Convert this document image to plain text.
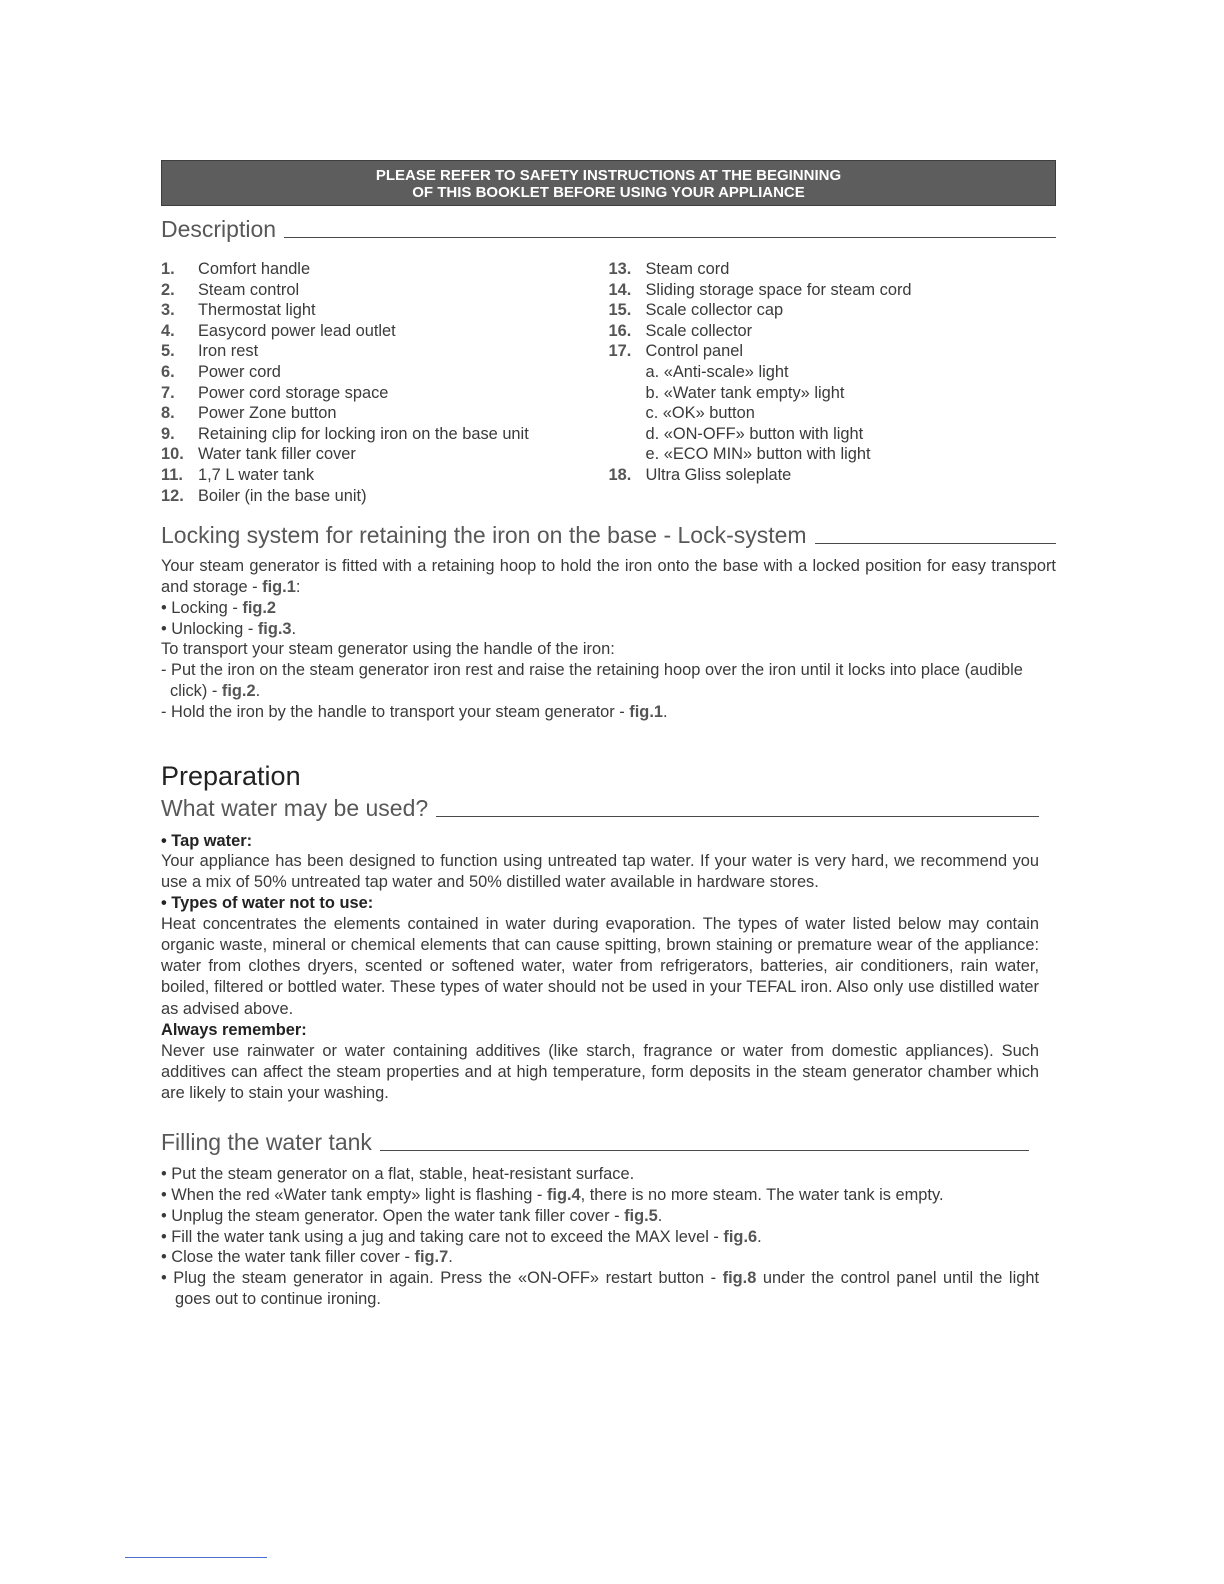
PLEASE REFER TO SAFETY INSTRUCTIONS AT THE BEGINNING
OF THIS BOOKLET BEFORE USING YOUR APPLIANCE
Description
1.	Comfort handle
2.	Steam control
3.	Thermostat light
4.	Easycord power lead outlet
5.	Iron rest
6.	Power cord
7.	Power cord storage space
8.	Power Zone button
9.	Retaining clip for locking iron on the base unit
10. Water tank filler cover
11. 1,7 L water tank
12. Boiler (in the base unit)
13. Steam cord
14. Sliding storage space for steam cord
15. Scale collector cap
16. Scale collector
17. Control panel
a. «Anti-scale» light
b. «Water tank empty» light
c. «OK» button
d. «ON-OFF» button with light
e. «ECO MIN» button with light
18. Ultra Gliss soleplate
Locking system for retaining the iron on the base - Lock-system
Your steam generator is fitted with a retaining hoop to hold the iron onto the base with a locked position for easy transport and storage - fig.1:
• Locking - fig.2
• Unlocking - fig.3.
To transport your steam generator using the handle of the iron:
- Put the iron on the steam generator iron rest and raise the retaining hoop over the iron until it locks into place (audible click) - fig.2.
- Hold the iron by the handle to transport your steam generator - fig.1.
Preparation
What water may be used?
• Tap water:
Your appliance has been designed to function using untreated tap water. If your water is very hard, we recommend you use a mix of 50% untreated tap water and 50% distilled water available in hardware stores.
• Types of water not to use:
Heat concentrates the elements contained in water during evaporation. The types of water listed below may contain organic waste, mineral or chemical elements that can cause spitting, brown staining or premature wear of the appliance: water from clothes dryers, scented or softened water, water from refrigerators, batteries, air conditioners, rain water, boiled, filtered or bottled water. These types of water should not be used in your TEFAL iron. Also only use distilled water as advised above.
Always remember:
Never use rainwater or water containing additives (like starch, fragrance or water from domestic appliances). Such additives can affect the steam properties and at high temperature, form deposits in the steam generator chamber which are likely to stain your washing.
Filling the water tank
• Put the steam generator on a flat, stable, heat-resistant surface.
• When the red «Water tank empty» light is flashing - fig.4, there is no more steam. The water tank is empty.
• Unplug the steam generator. Open the water tank filler cover - fig.5.
• Fill the water tank using a jug and taking care not to exceed the MAX level - fig.6.
• Close the water tank filler cover - fig.7.
• Plug the steam generator in again. Press the «ON-OFF» restart button - fig.8 under the control panel until the light goes out to continue ironing.
